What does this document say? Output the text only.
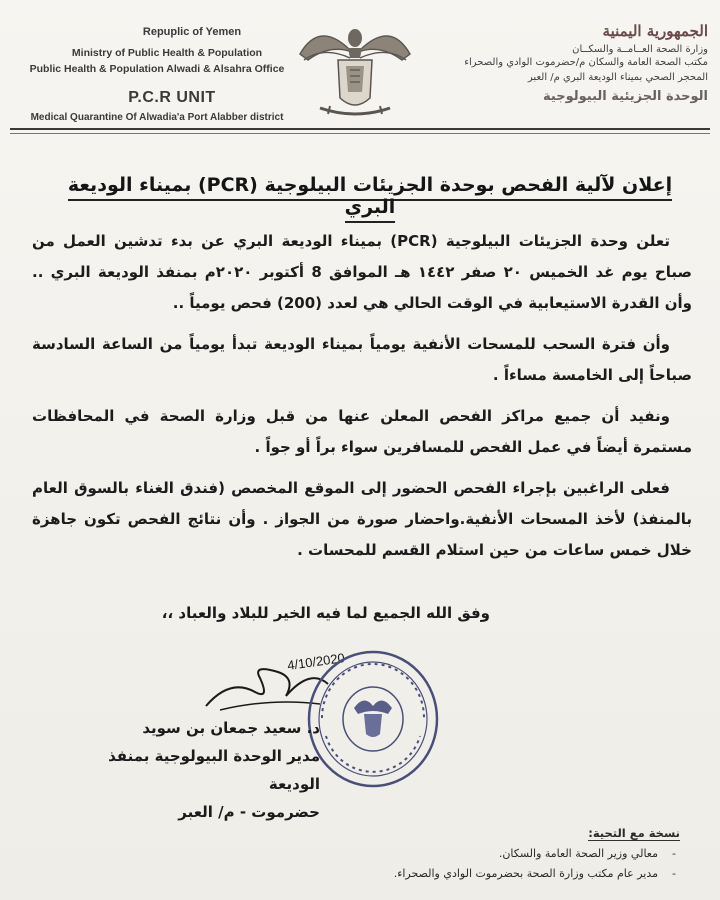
Repuplic of Yemen
Ministry of Public Health & Population
Public Health & Population Alwadi & Alsahra Office
P.C.R UNIT
Medical Quarantine Of Alwadia'a Port Alabber district
الجمهورية اليمنية
وزارة الصحة العــامــة والسكــان
مكتب الصحة العامة والسكان م/حضرموت الوادي والصحراء
المحجر الصحي بميناء الوديعة البري م/ العبر
الوحدة الجزيئية البيولوجية
إعلان لآلية الفحص بوحدة الجزيئات البيلوجية (PCR) بميناء الوديعة البري

تعلن وحدة الجزيئات البيلوجية (PCR) بميناء الوديعة البري عن بدء تدشين العمل من صباح يوم غد الخميس ٢٠ صفر ١٤٤٢ هـ الموافق 8 أكتوبر ٢٠٢٠م بمنفذ الوديعة البري .. وأن القدرة الاستيعابية في الوقت الحالي هي لعدد (200) فحص يومياً ..

وأن فترة السحب للمسحات الأنفية يومياً بميناء الوديعة تبدأ يومياً من الساعة السادسة صباحاً إلى الخامسة مساءاً .

ونفيد أن جميع مراكز الفحص المعلن عنها من قبل وزارة الصحة في المحافظات مستمرة أيضاً في عمل الفحص للمسافرين سواء براً أو جواً .

فعلى الراغبين بإجراء الفحص الحضور إلى الموقع المخصص (فندق الغناء بالسوق العام بالمنفذ) لأخذ المسحات الأنفية.واحضار صورة من الجواز . وأن نتائج الفحص تكون جاهزة خلال خمس ساعات من حين استلام القسم للمحسات .

وفق الله الجميع لما فيه الخير للبلاد والعباد ،،
4/10/2020
د. سعيد جمعان بن سويد
مدير الوحدة البيولوجية بمنفذ الوديعة
حضرموت - م/ العبر
نسخة مع التحية:
- معالي وزير الصحة العامة والسكان.
- مدير عام مكتب وزارة الصحة بحضرموت الوادي والصحراء.
